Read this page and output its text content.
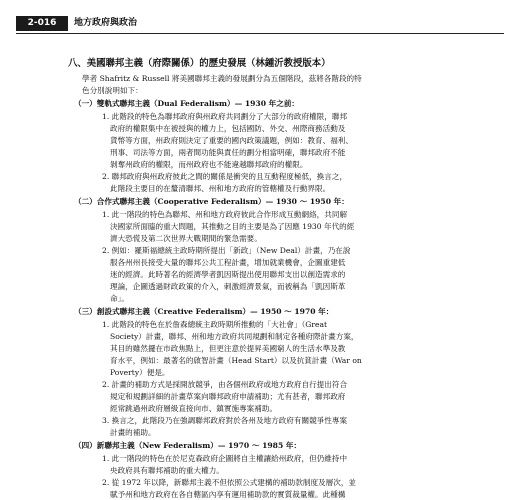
2-016	地方政府與政治
八、美國聯邦主義（府際關係）的歷史發展（林鍾沂教授版本）
學者 Shafritz & Russell 將美國聯邦主義的發展劃分為五個階段，茲將各階段的特
色分別說明如下：
（一）雙軌式聯邦主義（Dual Federalism）— 1930 年之前：
1. 此階段的特色為聯邦政府與州政府共同劃分了大部分的政府權限，聯邦
政府的權限集中在被授與的權力上，包括國防、外交、州際商務活動及
貨幣等方面，州政府則決定了重要的國內政策議題，例如：教育、福利、
刑事、司法等方面，兩者間功能與責任的劃分相當明確，聯邦政府不能
剝奪州政府的權限，而州政府也不能違越聯邦政府的權限。
2. 聯邦政府與州政府彼此之間的關係是衝突的且互動程度極低，換言之，
此階段主要目的在釐清聯邦、州和地方政府的管轄權及行動界限。
（二）合作式聯邦主義（Cooperative Federalism）— 1930 ～ 1950 年：
1. 此一階段的特色為聯邦、州和地方政府彼此合作形成互動網絡，共同解
決國家所面臨的重大問題，其推動之目的主要是為了因應 1930 年代的經
濟大恐慌及第二次世界大戰期間的緊急需要。
2. 例如：羅斯福總統主政時期所提出「新政」（New Deal）計畫，乃在說
服各州州長接受大量的聯邦公共工程計畫，增加就業機會，企圖重建低
迷的經濟。此時著名的經濟學者凱因斯提出使用聯邦支出以創造需求的
理論，企圖透過財政政策的介入，刺激經濟景氣，而被稱為「凱因斯革
命」。
（三）創設式聯邦主義（Creative Federalism）— 1950 ～ 1970 年：
1. 此階段的特色在於詹森總統主政時期所推動的「大社會」（Great
Society）計畫，聯邦、州和地方政府共同規劃和制定各種府際計畫方案，
其目的雖然擺在市政焦點上，但更注意於提昇美國窮人的生活水準及教
育水平，例如：最著名的啟智計畫（Head Start）以及抗貧計畫（War on
Poverty）便是。
2. 計畫的補助方式是採開放競爭，由各個州政府或地方政府自行提出符合
規定和規劃詳細的計畫草案向聯邦政府申請補助；尤有甚者，聯邦政府
經常跳過州政府層級直接向市、鎮實施專案補助。
3. 換言之，此階段乃在強調聯邦政府對於各州及地方政府有關競爭性專案
計畫的補助。
（四）新聯邦主義（New Federalism）— 1970 ～ 1985 年：
1. 此一階段的特色在於尼克森政府企圖將自主權讓給州政府，但仍維持中
央政府具有聯邦補助的重大權力。
2. 從 1972 年以降，新聯邦主義不但依照公式建構的補助款制度及層次，並
賦予州和地方政府在各自轄區內享有運用補助款的實質裁量權。此種構
